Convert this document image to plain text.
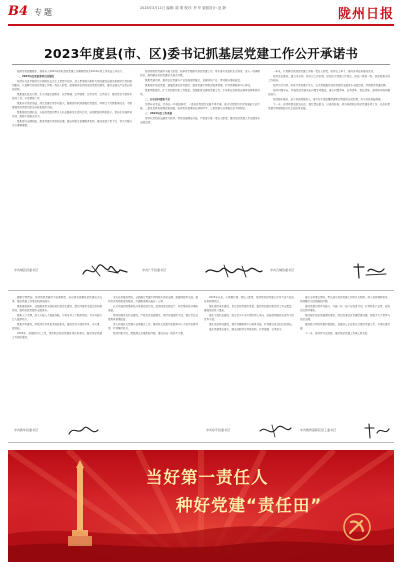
B4 专题	2024年3月11日 编辑: 陈 明 校对: 李 华 版面设计: 赵 静	陇州日报
2023年度县(市、区)委书记抓基层党建工作公开承诺书

按照市委部署要求，现将本人2023年度抓基层党建工作履职情况及2024年度工作承诺公开如下。

一、2023年度承诺事项完成情况

坚持以习近平新时代中国特色社会主义思想为指导，深入贯彻落实新时代党的建设总要求和新时代党的组织路线，认真履行抓基层党建工作第一责任人职责，统筹推进各领域基层党组织建设，推动全面从严治党向基层延伸。

聚焦强化政治引领，扎实开展主题教育，以学铸魂、以学增智、以学正风、以学促干，推动党员干部筑牢信仰之基、补足精神之钙。

聚焦夯实基层基础，深化党建引领乡村振兴，整顿提升软弱涣散村党组织，持续壮大村级集体经济，不断增强基层党组织政治功能和组织功能。

聚焦锻造过硬队伍，实施村党组织带头人队伍整体优化提升行动，选优配强村两委班子，常态化开展教育培训，激励干部担当作为。

聚焦提升治理效能，推进党建引领基层治理，健全网格化管理服务机制，推动资源力量下沉，切实为群众办实事解难题。

坚持把抓好党建作为最大政绩，每季度专题研究基层党建工作，带头落实基层联系点制度，深入一线调研指导，推动解决基层党建重点难点问题。

聚焦党建引领，推动农村党建与产业发展深度融合，发展特色产业，带动群众增收致富。

聚焦城市基层党建，建强街道社区党组织，推进党建引领物业服务管理，打造党群服务中心阵地。

聚焦两新组织，扩大党的组织和工作覆盖，加强新就业群体党建工作，引导新业态新就业群体发挥积极作用。

二、存在的问题和不足

对照年初承诺，仍存在一些短板弱项：一是基层党组织发展不够平衡，部分村党组织引领发展能力还不强；二是党员教育管理还需加强，流动党员管理存在薄弱环节；三是党建与业务融合还不够紧密。

三、2024年度工作承诺

坚持以党的政治建设为统领，持续加强理论武装，严格落实第一责任人职责，推动基层党建工作全面进步全面过硬。

一年来，认真履行抓基层党建工作第一责任人职责，坚持以上率下，推动各项任务落地见效。

坚持高位推动，建立书记抓、抓书记工作机制，层层压实党建工作责任，形成一级抓一级、层层抓落实的工作格局。

坚持示范引领，培育打造党建示范点，以点带面推动基层党组织全面进步全面过硬，持续擦亮党建品牌。

坚持问题导向，开展基层党建突出问题专项整治，建立问题清单、任务清单、责任清单，逐项销号推动整改落实。

坚持固本强基，加大基层保障投入，落实村干部报酬待遇和村级组织运转经费，夯实基层基础保障。

下一步，将持续提高政治站位，强化责任担当，以更高标准、更实举措抓好基层党建各项工作，以高质量党建引领保障经济社会高质量发展。

中共城区县委书记	中共广平县委书记	中共石城县委书记

履职尽责情况。坚持把抓党建作为首要职责，亲自研究部署基层党建重点任务，推动党建工作责任制落地落实。

聚焦强基固本，全面推进党支部标准化规范化建设，组织开展党支部达标创星活动，推动基层党组织全面进步。

聚焦人才支撑，深入实施人才强县战略，引育各类人才服务基层，为乡村振兴注入强劲动力。

聚焦作风建设，持续深化作风革命效能革命，推动党员干部转作风、办实事、提效能。

2024年，将围绕中心工作，持续抓好基层党建各项任务落实，推动基层党建工作提质增效。

重点任务推进情况。全面推行党建引领网格化基层治理，组建网格党支部，推动党员到网格报到服务，打通服务群众最后一公里。

扎实开展村级集体经济发展攻坚行动，盘活闲置资源资产，拓宽集体经济增收渠道。

持续加强党员队伍建设，严格党员发展程序，规范开展组织生活，强化党员日常教育管理监督。

深入开展机关党建与业务融合工作，推动机关党组织在服务中心大局中发挥作用，打造模范机关。

坚持问需于民，聚焦群众急难愁盼问题，推动办成一批民生实事。

2023年以来，认真履行第一责任人职责，坚持把基层党建工作作为重大政治任务抓紧抓实。

强化组织体系建设，优化基层党组织设置，推动党的组织和党的工作全覆盖，建强基层战斗堡垒。

强化干部队伍建设，树立重实干重实绩的用人导向，选拔使用敢担当善作为的优秀干部。

强化基层阵地建设，提升党群服务中心服务功能，打造群众身边的红色驿站。

强化党建责任落实，健全述职评议考核机制，以考促建、以考促干。

落实主体责任情况。带头落实基层党建工作联系点制度，深入基层调研指导，协调解决实际困难和问题。

推动党建引领乡村振兴，实施一村一品产业培育计划，打造特色产业带，促进农民持续增收。

推动城市基层党建提质增效，深化街道社区党建联建共建，凝聚多方力量参与基层治理。

推动新兴领域党建扩面提质，加强非公企业和社会组织党建工作，实现应建尽建。

下一步，将坚持守正创新，推动基层党建工作再上新台阶。

中共新华县委书记	中共东平县委书记	中共陇州高新区党工委书记
当好第一责任人
种好党建“责任田”
